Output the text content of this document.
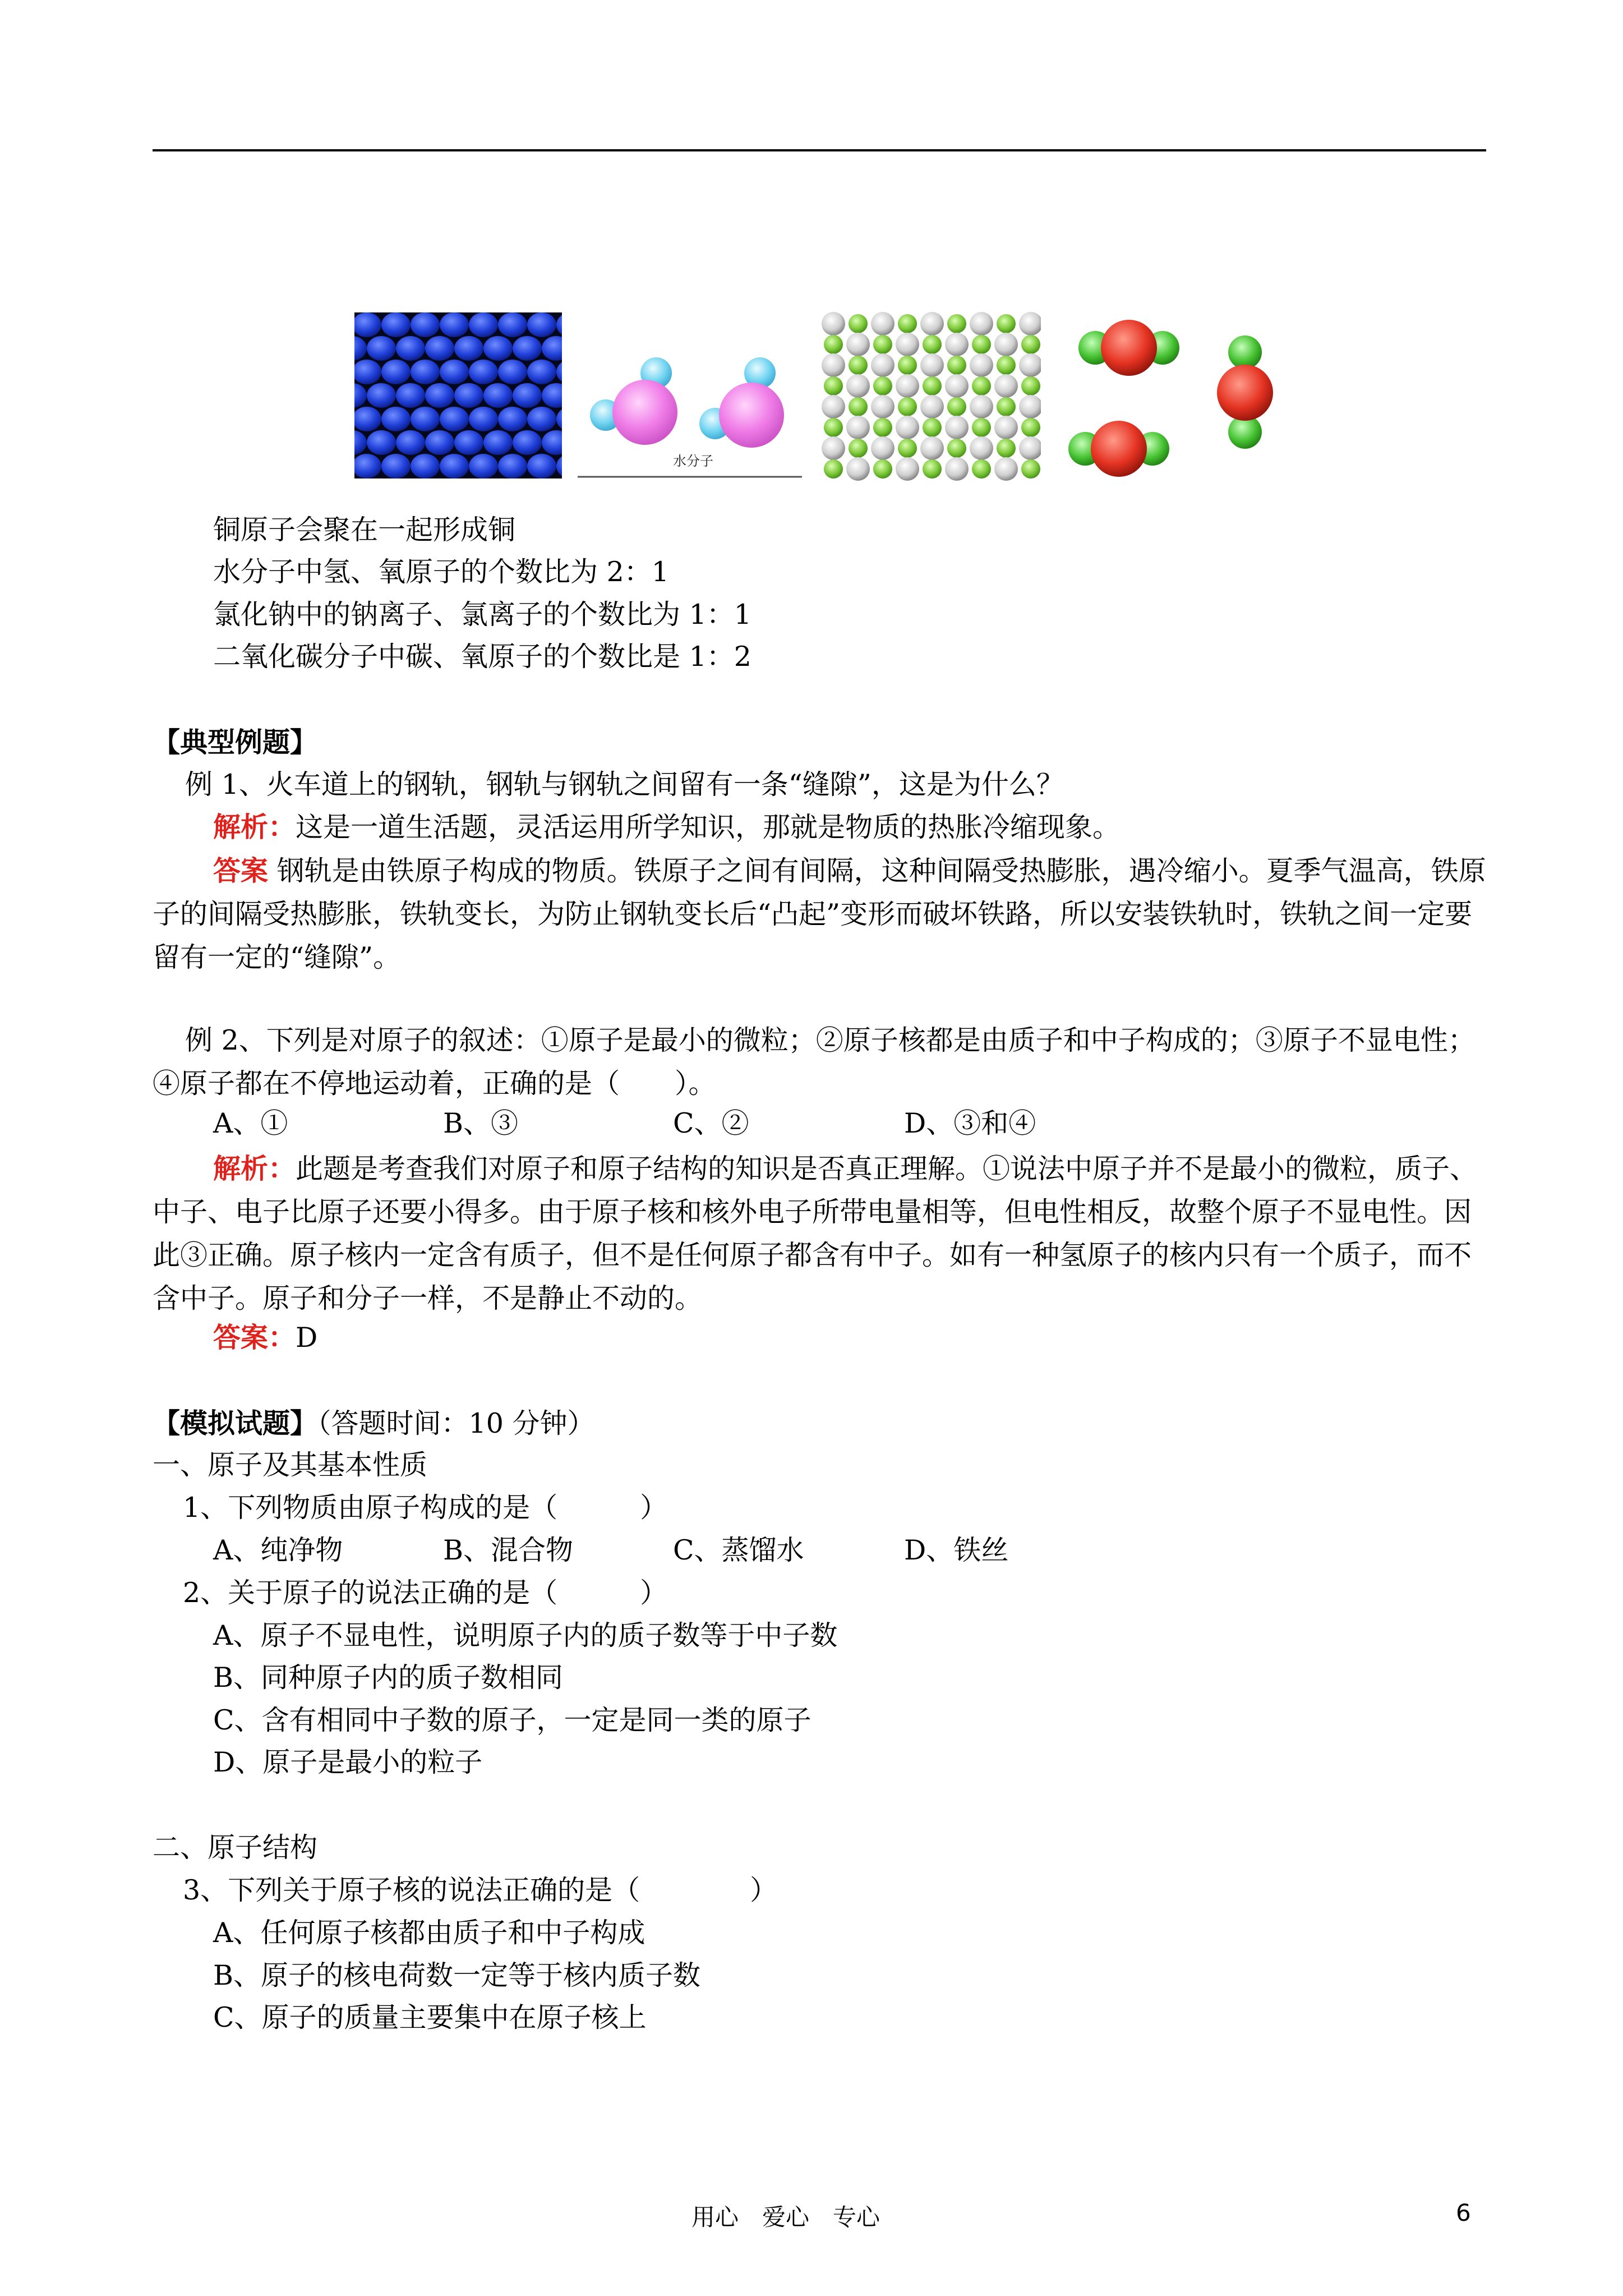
水分子
铜原子会聚在一起形成铜
水分子中氢、氧原子的个数比为 2：1
氯化钠中的钠离子、氯离子的个数比为 1：1
二氧化碳分子中碳、氧原子的个数比是 1：2
【典型例题】
例 1、火车道上的钢轨，钢轨与钢轨之间留有一条“缝隙”，这是为什么？
解析：这是一道生活题，灵活运用所学知识，那就是物质的热胀冷缩现象。
答案 钢轨是由铁原子构成的物质。铁原子之间有间隔，这种间隔受热膨胀，遇冷缩小。夏季气温高，铁原子的间隔受热膨胀，铁轨变长，为防止钢轨变长后“凸起”变形而破坏铁路，所以安装铁轨时，铁轨之间一定要留有一定的“缝隙”。
例 2、下列是对原子的叙述：①原子是最小的微粒；②原子核都是由质子和中子构成的；③原子不显电性；④原子都在不停地运动着，正确的是（　　）。
A、①	B、③	C、②	D、③和④
解析：此题是考查我们对原子和原子结构的知识是否真正理解。①说法中原子并不是最小的微粒，质子、中子、电子比原子还要小得多。由于原子核和核外电子所带电量相等，但电性相反，故整个原子不显电性。因此③正确。原子核内一定含有质子，但不是任何原子都含有中子。如有一种氢原子的核内只有一个质子，而不含中子。原子和分子一样，不是静止不动的。
答案：D
【模拟试题】（答题时间：10 分钟）
一、原子及其基本性质
1、下列物质由原子构成的是（　　　）
A、纯净物	B、混合物	C、蒸馏水	D、铁丝
2、关于原子的说法正确的是（　　　）
A、原子不显电性，说明原子内的质子数等于中子数
B、同种原子内的质子数相同
C、含有相同中子数的原子，一定是同一类的原子
D、原子是最小的粒子
二、原子结构
3、下列关于原子核的说法正确的是（　　　　）
A、任何原子核都由质子和中子构成
B、原子的核电荷数一定等于核内质子数
C、原子的质量主要集中在原子核上
用心　爱心　专心	6
